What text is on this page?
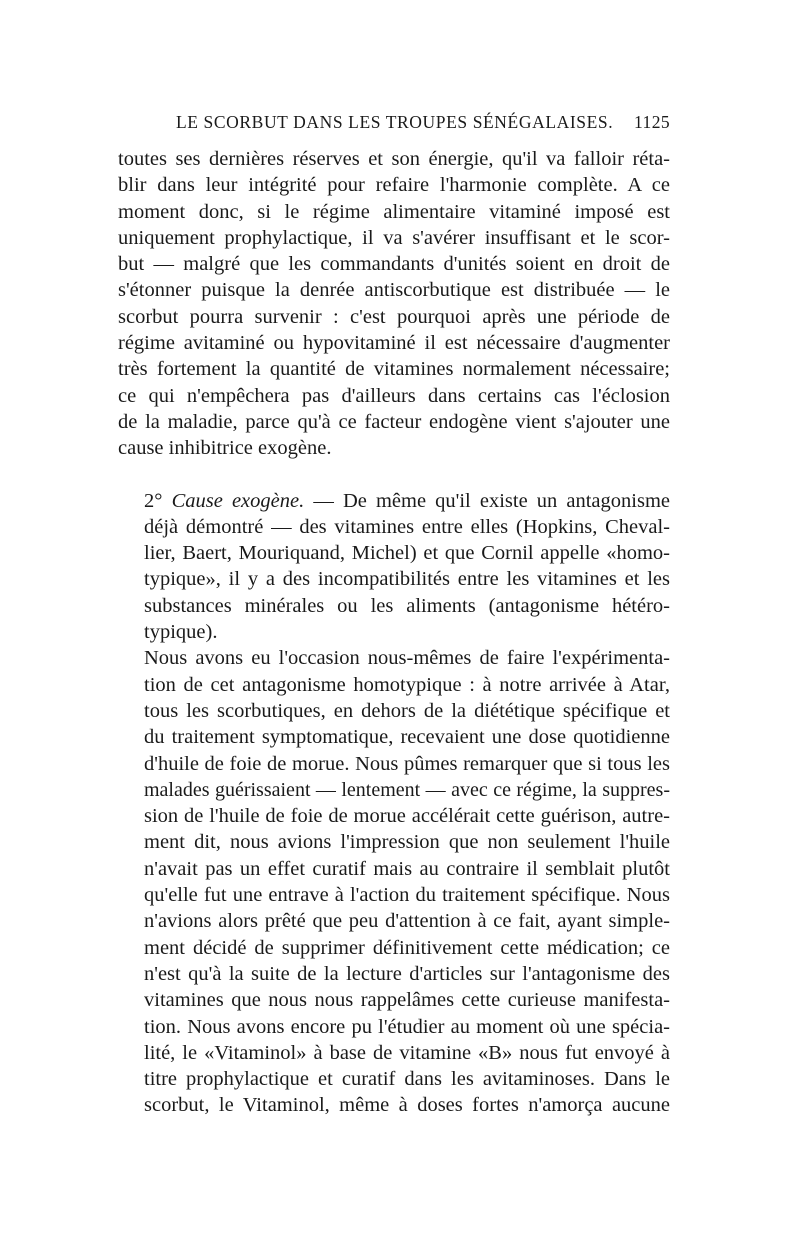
LE SCORBUT DANS LES TROUPES SÉNÉGALAISES. 1125

toutes ses dernières réserves et son énergie, qu'il va falloir réta-
blir dans leur intégrité pour refaire l'harmonie complète. A ce
moment donc, si le régime alimentaire vitaminé imposé est
uniquement prophylactique, il va s'avérer insuffisant et le scor-
but — malgré que les commandants d'unités soient en droit de
s'étonner puisque la denrée antiscorbutique est distribuée — le
scorbut pourra survenir : c'est pourquoi après une période de
régime avitaminé ou hypovitaminé il est nécessaire d'augmenter
très fortement la quantité de vitamines normalement nécessaire;
ce qui n'empêchera pas d'ailleurs dans certains cas l'éclosion
de la maladie, parce qu'à ce facteur endogène vient s'ajouter une
cause inhibitrice exogène.

2° Cause exogène. — De même qu'il existe un antagonisme
déjà démontré — des vitamines entre elles (Hopkins, Cheval-
lier, Baert, Mouriquand, Michel) et que Cornil appelle «homo-
typique», il y a des incompatibilités entre les vitamines et les
substances minérales ou les aliments (antagonisme hétéro-
typique).

Nous avons eu l'occasion nous-mêmes de faire l'expérimenta-
tion de cet antagonisme homotypique : à notre arrivée à Atar,
tous les scorbutiques, en dehors de la diététique spécifique et
du traitement symptomatique, recevaient une dose quotidienne
d'huile de foie de morue. Nous pûmes remarquer que si tous les
malades guérissaient — lentement — avec ce régime, la suppres-
sion de l'huile de foie de morue accélérait cette guérison, autre-
ment dit, nous avions l'impression que non seulement l'huile
n'avait pas un effet curatif mais au contraire il semblait plutôt
qu'elle fut une entrave à l'action du traitement spécifique. Nous
n'avions alors prêté que peu d'attention à ce fait, ayant simple-
ment décidé de supprimer définitivement cette médication; ce
n'est qu'à la suite de la lecture d'articles sur l'antagonisme des
vitamines que nous nous rappelâmes cette curieuse manifesta-
tion. Nous avons encore pu l'étudier au moment où une spécia-
lité, le «Vitaminol» à base de vitamine «B» nous fut envoyé à
titre prophylactique et curatif dans les avitaminoses. Dans le
scorbut, le Vitaminol, même à doses fortes n'amorça aucune
